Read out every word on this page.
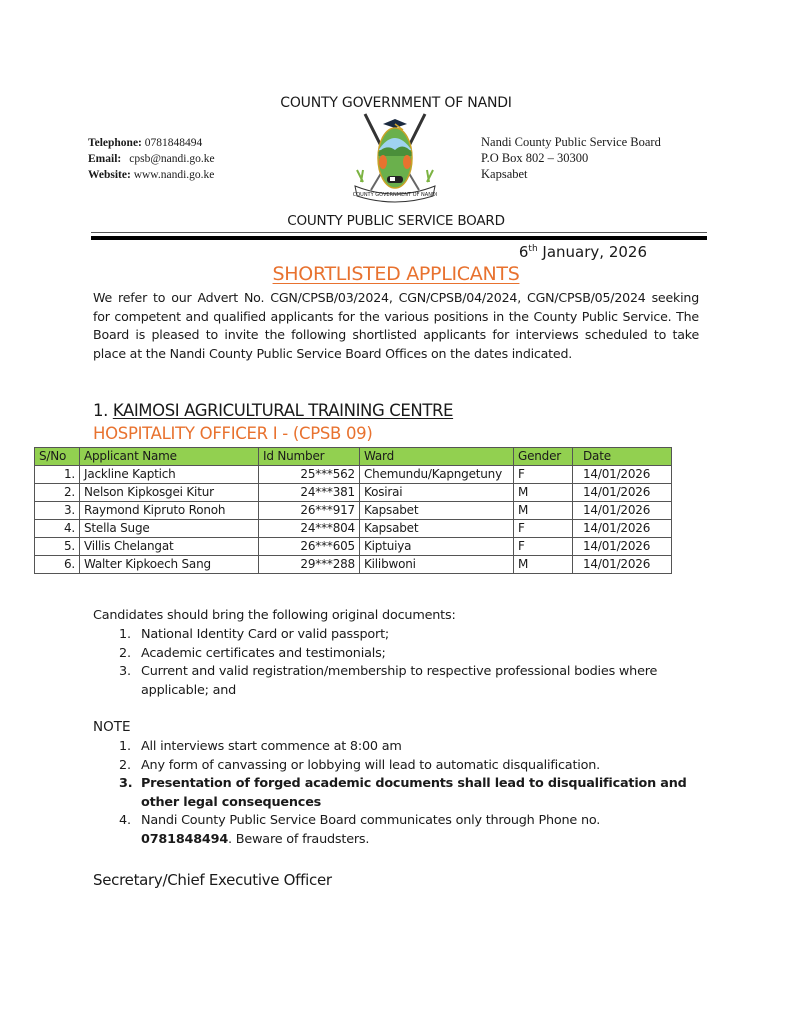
COUNTY GOVERNMENT OF NANDI
Telephone: 0781848494
Email: cpsb@nandi.go.ke
Website: www.nandi.go.ke
COUNTY GOVERNMENT OF NANDI
Nandi County Public Service Board
P.O Box 802 – 30300
Kapsabet
COUNTY PUBLIC SERVICE BOARD
6th January, 2026
SHORTLISTED APPLICANTS
We refer to our Advert No. CGN/CPSB/03/2024, CGN/CPSB/04/2024, CGN/CPSB/05/2024 seeking for competent and qualified applicants for the various positions in the County Public Service. The Board is pleased to invite the following shortlisted applicants for interviews scheduled to take place at the Nandi County Public Service Board Offices on the dates indicated.
1. KAIMOSI AGRICULTURAL TRAINING CENTRE
HOSPITALITY OFFICER I - (CPSB 09)
S/No	Applicant Name	Id Number	Ward	Gender	Date
1.	Jackline Kaptich	25***562	Chemundu/Kapngetuny	F	14/01/2026
2.	Nelson Kipkosgei Kitur	24***381	Kosirai	M	14/01/2026
3.	Raymond Kipruto Ronoh	26***917	Kapsabet	M	14/01/2026
4.	Stella Suge	24***804	Kapsabet	F	14/01/2026
5.	Villis Chelangat	26***605	Kiptuiya	F	14/01/2026
6.	Walter Kipkoech Sang	29***288	Kilibwoni	M	14/01/2026
Candidates should bring the following original documents:
1. National Identity Card or valid passport;
2. Academic certificates and testimonials;
3. Current and valid registration/membership to respective professional bodies where applicable; and
NOTE
1. All interviews start commence at 8:00 am
2. Any form of canvassing or lobbying will lead to automatic disqualification.
3. Presentation of forged academic documents shall lead to disqualification and other legal consequences
4. Nandi County Public Service Board communicates only through Phone no. 0781848494. Beware of fraudsters.
Secretary/Chief Executive Officer
